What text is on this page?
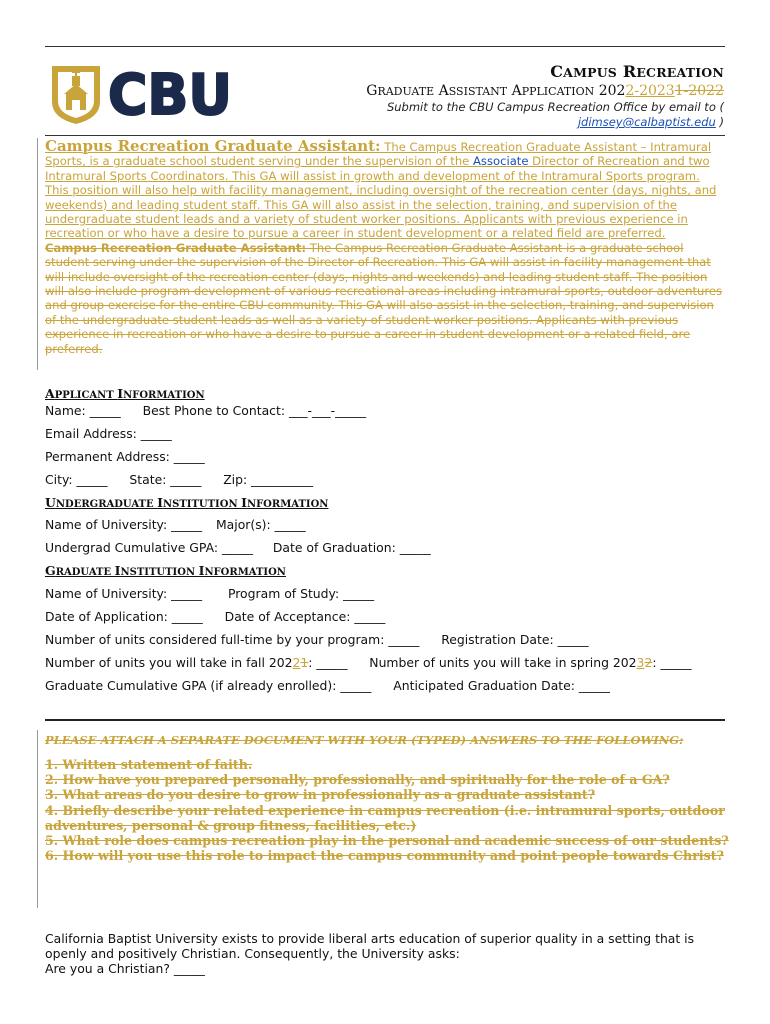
CBU	CAMPUS RECREATION
GRADUATE ASSISTANT APPLICATION 2022-20231-2022
Submit to the CBU Campus Recreation Office by email to (
jdimsey@calbaptist.edu )

Campus Recreation Graduate Assistant: The Campus Recreation Graduate Assistant – Intramural Sports, is a graduate school student serving under the supervision of the Associate Director of Recreation and two Intramural Sports Coordinators. This GA will assist in growth and development of the Intramural Sports program. This position will also help with facility management, including oversight of the recreation center (days, nights, and weekends) and leading student staff. This GA will also assist in the selection, training, and supervision of the undergraduate student leads and a variety of student worker positions. Applicants with previous experience in recreation or who have a desire to pursue a career in student development or a related field are preferred.

Campus Recreation Graduate Assistant: The Campus Recreation Graduate Assistant is a graduate school student serving under the supervision of the Director of Recreation. This GA will assist in facility management that will include oversight of the recreation center (days, nights and weekends) and leading student staff. The position will also include program development of various recreational areas including intramural sports, outdoor adventures and group exercise for the entire CBU community. This GA will also assist in the selection, training, and supervision of the undergraduate student leads as well as a variety of student worker positions. Applicants with previous experience in recreation or who have a desire to pursue a career in student development or a related field, are preferred.

APPLICANT INFORMATION
Name: _____ Best Phone to Contact: ___-___-_____
Email Address: _____
Permanent Address: _____
City: _____ State: _____ Zip: __________
UNDERGRADUATE INSTITUTION INFORMATION
Name of University: _____ Major(s): _____
Undergrad Cumulative GPA: _____ Date of Graduation: _____
GRADUATE INSTITUTION INFORMATION
Name of University: _____ Program of Study: _____
Date of Application: _____ Date of Acceptance: _____
Number of units considered full-time by your program: _____ Registration Date: _____
Number of units you will take in fall 20221: _____ Number of units you will take in spring 20232: _____
Graduate Cumulative GPA (if already enrolled): _____ Anticipated Graduation Date: _____
PLEASE ATTACH A SEPARATE DOCUMENT WITH YOUR (TYPED) ANSWERS TO THE FOLLOWING:

1. Written statement of faith.

2. How have you prepared personally, professionally, and spiritually for the role of a GA?

3. What areas do you desire to grow in professionally as a graduate assistant?

4. Briefly describe your related experience in campus recreation (i.e. intramural sports, outdoor adventures, personal & group fitness, facilities, etc.)

5. What role does campus recreation play in the personal and academic success of our students?

6. How will you use this role to impact the campus community and point people towards Christ?

California Baptist University exists to provide liberal arts education of superior quality in a setting that is openly and positively Christian. Consequently, the University asks:
Are you a Christian? _____
